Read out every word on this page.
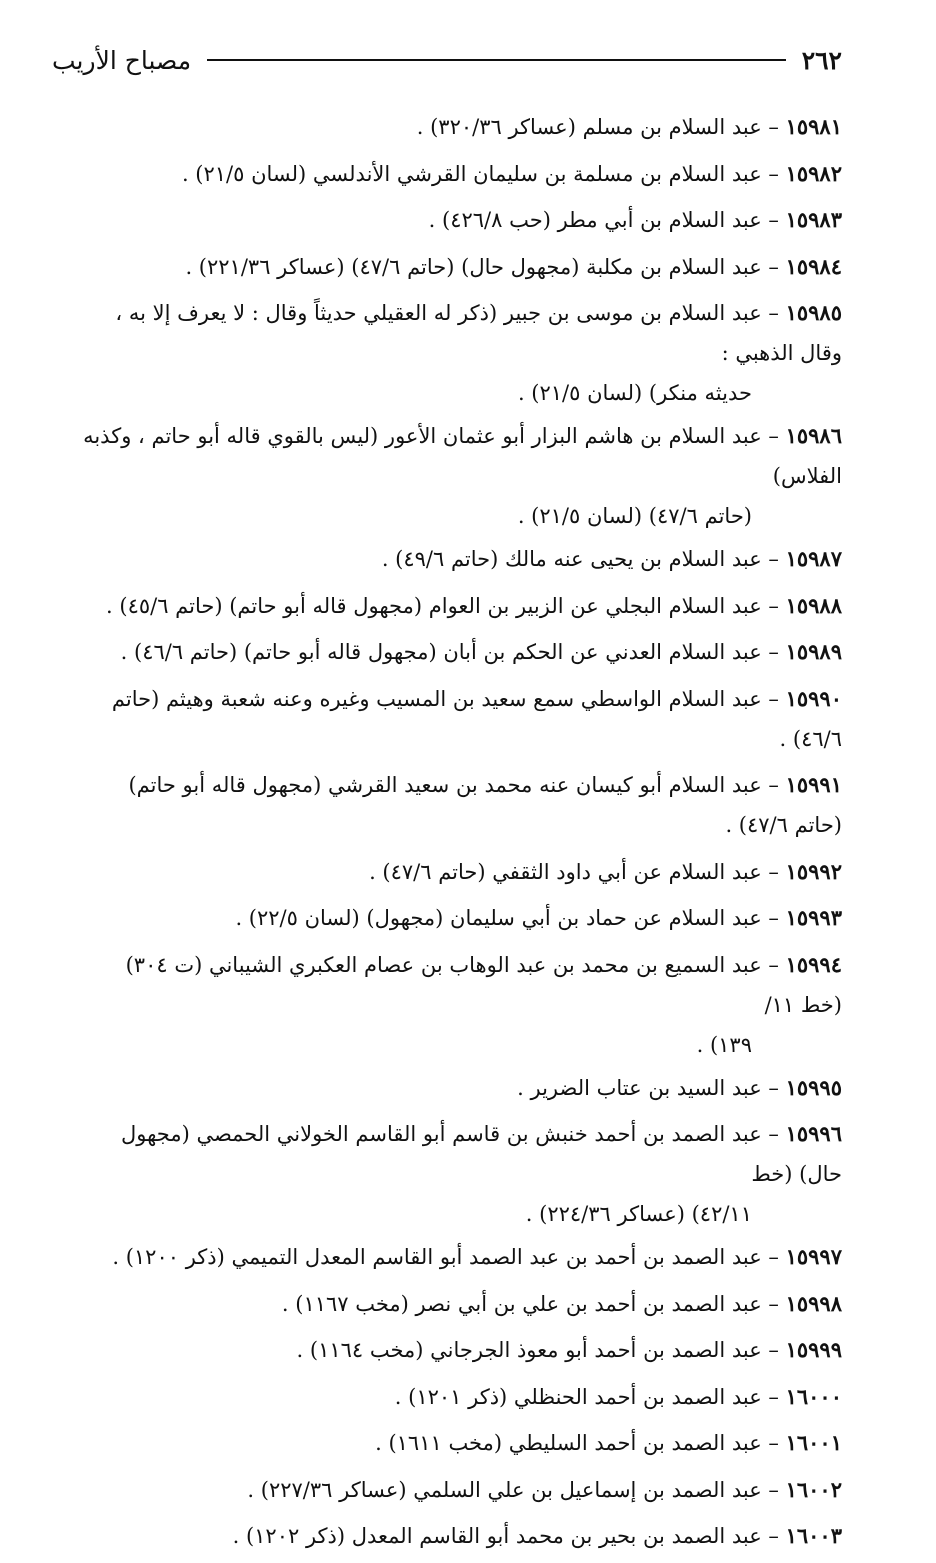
٢٦٢
مصباح الأريب
١٥٩٨١ – عبد السلام بن مسلم (عساكر ٣٢٠/٣٦) .
١٥٩٨٢ – عبد السلام بن مسلمة بن سليمان القرشي الأندلسي (لسان ٢١/٥) .
١٥٩٨٣ – عبد السلام بن أبي مطر (حب ٤٢٦/٨) .
١٥٩٨٤ – عبد السلام بن مكلبة (مجهول حال) (حاتم ٤٧/٦) (عساكر ٢٢١/٣٦) .
١٥٩٨٥ – عبد السلام بن موسى بن جبير (ذكر له العقيلي حديثاً وقال : لا يعرف إلا به ، وقال الذهبي :
حديثه منكر) (لسان ٢١/٥) .
١٥٩٨٦ – عبد السلام بن هاشم البزار أبو عثمان الأعور (ليس بالقوي قاله أبو حاتم ، وكذبه الفلاس)
(حاتم ٤٧/٦) (لسان ٢١/٥) .
١٥٩٨٧ – عبد السلام بن يحيى عنه مالك (حاتم ٤٩/٦) .
١٥٩٨٨ – عبد السلام البجلي عن الزبير بن العوام (مجهول قاله أبو حاتم) (حاتم ٤٥/٦) .
١٥٩٨٩ – عبد السلام العدني عن الحكم بن أبان (مجهول قاله أبو حاتم) (حاتم ٤٦/٦) .
١٥٩٩٠ – عبد السلام الواسطي سمع سعيد بن المسيب وغيره وعنه شعبة وهيثم (حاتم ٤٦/٦) .
١٥٩٩١ – عبد السلام أبو كيسان عنه محمد بن سعيد القرشي (مجهول قاله أبو حاتم) (حاتم ٤٧/٦) .
١٥٩٩٢ – عبد السلام عن أبي داود الثقفي (حاتم ٤٧/٦) .
١٥٩٩٣ – عبد السلام عن حماد بن أبي سليمان (مجهول) (لسان ٢٢/٥) .
١٥٩٩٤ – عبد السميع بن محمد بن عبد الوهاب بن عصام العكبري الشيباني (ت ٣٠٤) (خط ١١/
١٣٩) .
١٥٩٩٥ – عبد السيد بن عتاب الضرير .
١٥٩٩٦ – عبد الصمد بن أحمد خنبش بن قاسم أبو القاسم الخولاني الحمصي (مجهول حال) (خط
٤٢/١١) (عساكر ٢٢٤/٣٦) .
١٥٩٩٧ – عبد الصمد بن أحمد بن عبد الصمد أبو القاسم المعدل التميمي (ذكر ١٢٠٠) .
١٥٩٩٨ – عبد الصمد بن أحمد بن علي بن أبي نصر (مخب ١١٦٧) .
١٥٩٩٩ – عبد الصمد بن أحمد أبو معوذ الجرجاني (مخب ١١٦٤) .
١٦٠٠٠ – عبد الصمد بن أحمد الحنظلي (ذكر ١٢٠١) .
١٦٠٠١ – عبد الصمد بن أحمد السليطي (مخب ١٦١١) .
١٦٠٠٢ – عبد الصمد بن إسماعيل بن علي السلمي (عساكر ٢٢٧/٣٦) .
١٦٠٠٣ – عبد الصمد بن بحير بن محمد أبو القاسم المعدل (ذكر ١٢٠٢) .
